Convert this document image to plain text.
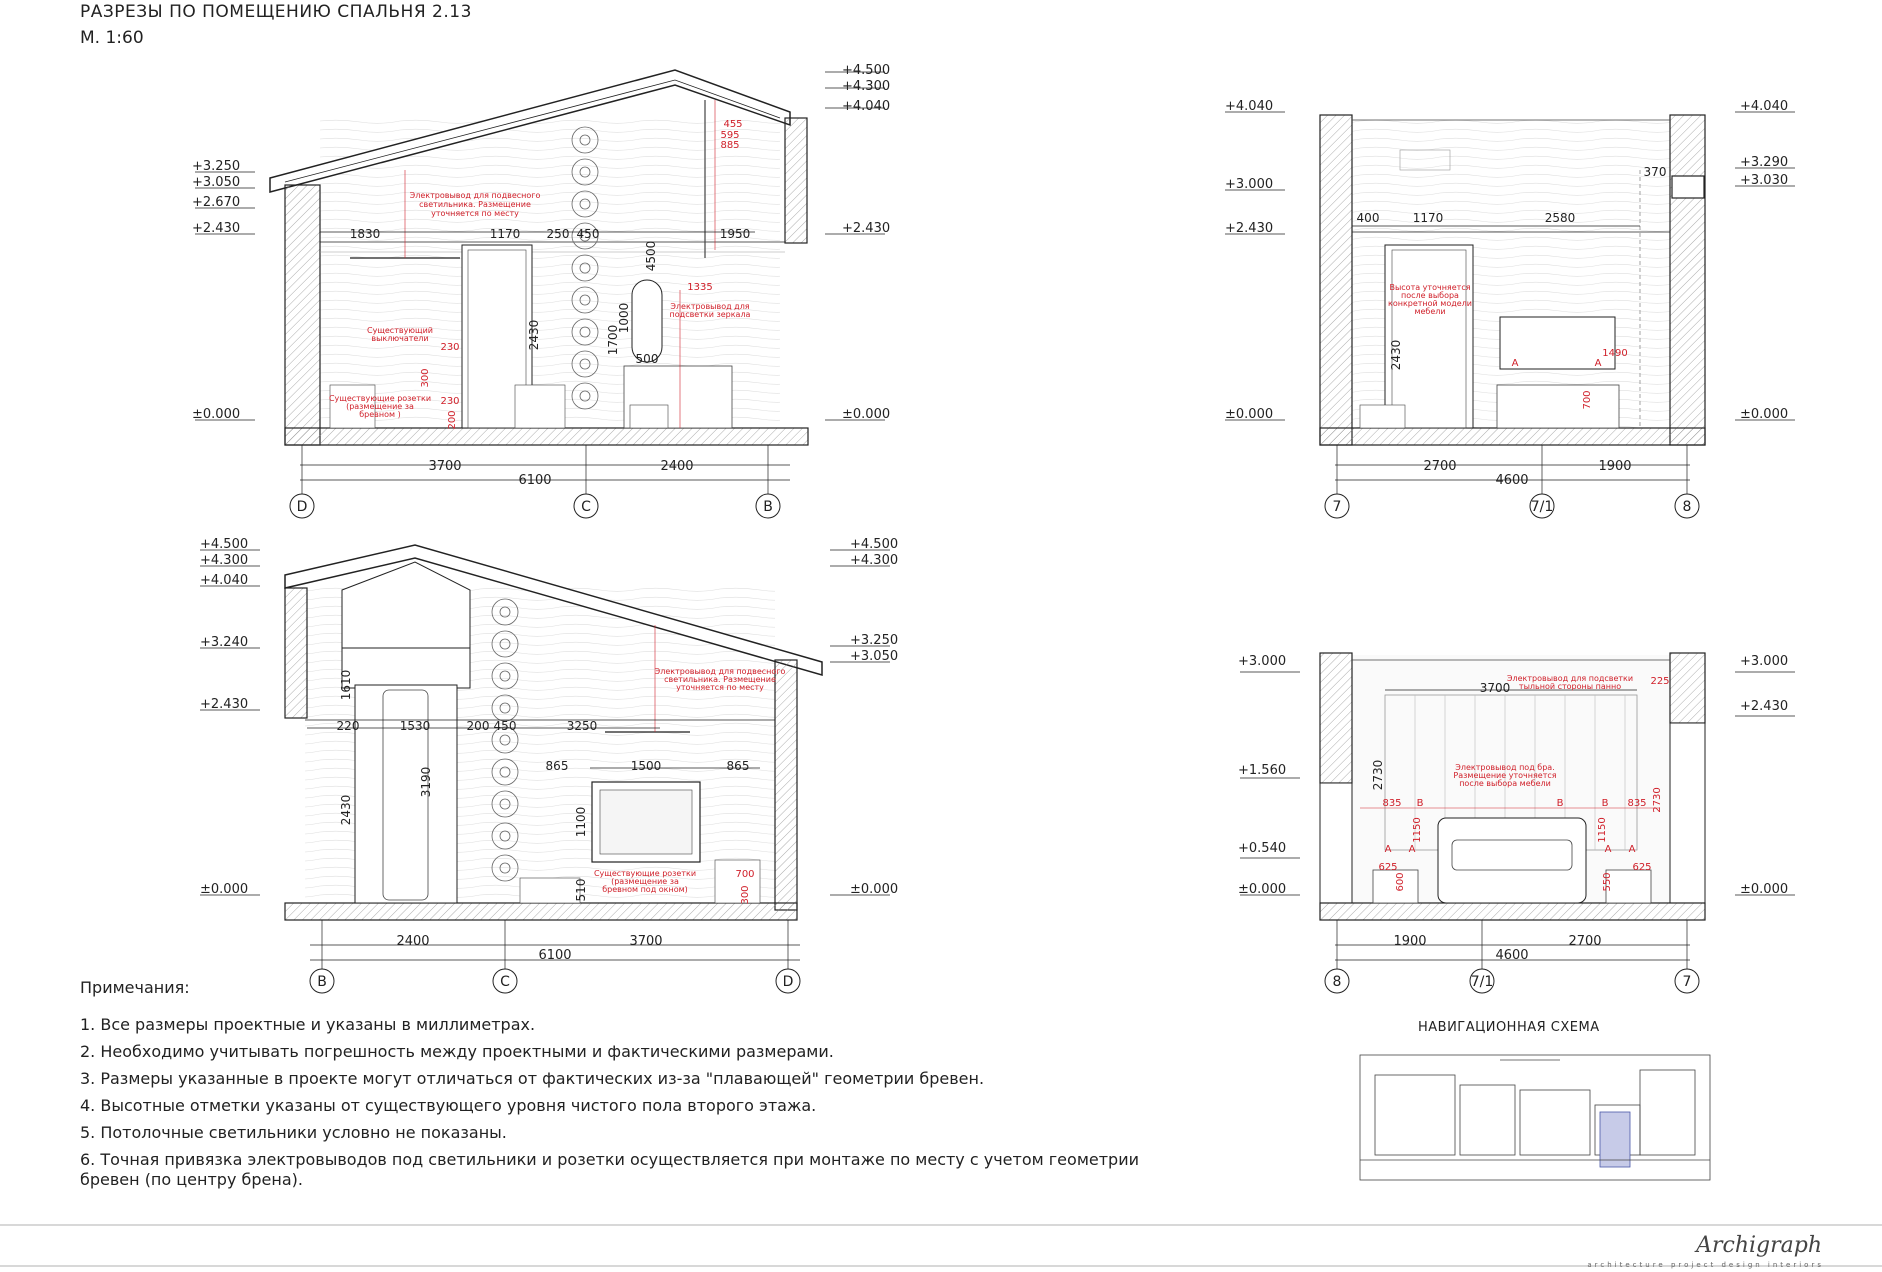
РАЗРЕЗЫ ПО ПОМЕЩЕНИЮ СПАЛЬНЯ 2.13
М. 1:60
+3.250
+3.050
+2.670
+2.430
±0.000
+4.500
+4.300
+4.040
+2.430
±0.000
1830	1170 250 450	1950
3700	2400
6100
D	C	B
2430	1700
1000
500
4500
1335
455
595
885
230
230
300
200
Электровывод для подвесного
светильника. Размещение
уточняется по месту
Существующий
выключатели
Существующие розетки
(размещение за
бревном )
Электровывод для
подсветки зеркала
+4.040
+3.000
+2.430
±0.000
+4.040
+3.290
+3.030
±0.000
400	1170	2580
370
2700	1900
4600
7	7/1	8
2430	1490
700
A	A
Высота уточняется
после выбора
конкретной модели
мебели
+4.500
+4.300
+4.040
+3.240
+2.430
±0.000
+4.500
+4.300
+3.250
+3.050
±0.000
220	1530	200 450	3250
865	1500	865
2400	3700
6100
B	C	D
1610
2430
3190
1100
510
700
300
Электровывод для подвесного
светильника. Размещение
уточняется по месту
Существующие розетки
(размещение за
бревном под окном)
+3.000
+1.560
+0.540
±0.000
+3.000
+2.430
±0.000
3700	225
1900	2700
4600
8	7/1	7
2730
2730
835	835
1150	1150
625	625
600	550
B	B	B
A A	A A
Электровывод для подсветки
тыльной стороны панно
Электровывод под бра.
Размещение уточняется
после выбора мебели
Примечания:
1. Все размеры проектные и указаны в миллиметрах.
2. Необходимо учитывать погрешность между проектными и фактическими размерами.
3. Размеры указанные в проекте могут отличаться от фактических из-за "плавающей" геометрии бревен.
4. Высотные отметки указаны от существующего уровня чистого пола второго этажа.
5. Потолочные светильники условно не показаны.
6. Точная привязка электровыводов под светильники и розетки осуществляется при монтаже по месту с учетом геометрии бревен (по центру брена).
НАВИГАЦИОННАЯ СХЕМА
Archigraph
architecture project design interiors
